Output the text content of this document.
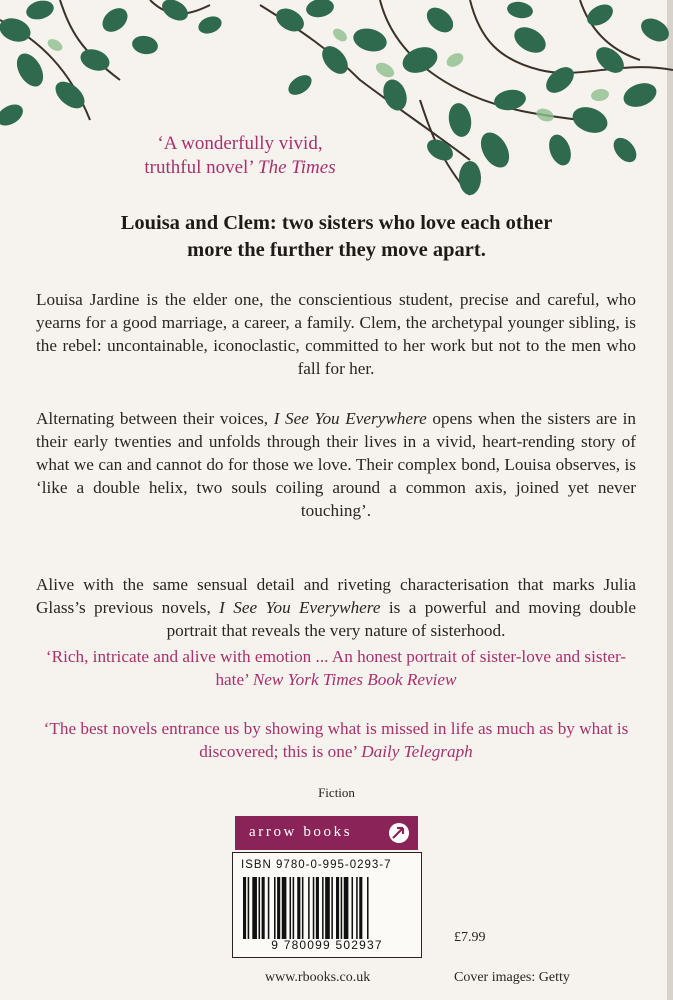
‘A wonderfully vivid,
truthful novel’ The Times
Louisa and Clem: two sisters who love each other
more the further they move apart.
Louisa Jardine is the elder one, the conscientious student, precise and careful, who yearns for a good marriage, a career, a family. Clem, the archetypal younger sibling, is the rebel: uncontainable, iconoclastic, committed to her work but not to the men who fall for her.
Alternating between their voices, I See You Everywhere opens when the sisters are in their early twenties and unfolds through their lives in a vivid, heart-rending story of what we can and cannot do for those we love. Their complex bond, Louisa observes, is ‘like a double helix, two souls coiling around a common axis, joined yet never touching’.
Alive with the same sensual detail and riveting characterisation that marks Julia Glass’s previous novels, I See You Everywhere is a powerful and moving double portrait that reveals the very nature of sisterhood.
‘Rich, intricate and alive with emotion ... An honest portrait of sister-love and sister-hate’ New York Times Book Review
‘The best novels entrance us by showing what is missed in life as much as by what is discovered; this is one’ Daily Telegraph
Fiction
arrow books
ISBN 9780-0-995-0293-7
9 780099 502937	£7.99
www.rbooks.co.uk	Cover images: Getty
